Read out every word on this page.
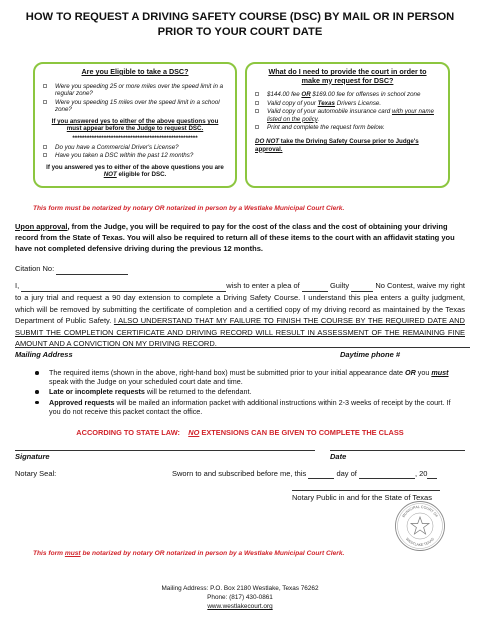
HOW TO REQUEST A DRIVING SAFETY COURSE (DSC) BY MAIL OR IN PERSON
PRIOR TO YOUR COURT DATE
Are you Eligible to take a DSC?
Were you speeding 25 or more miles over the speed limit in a regular zone?
Were you speeding 15 miles over the speed limit in a school zone?
If you answered yes to either of the above questions you must appear before the Judge to request DSC.
****************************************************
Do you have a Commercial Driver's License?
Have you taken a DSC within the past 12 months?
If you answered yes to either of the above questions you are NOT eligible for DSC.
What do I need to provide the court in order to
make my request for DSC?
$144.00 fee OR $169.00 fee for offenses in school zone
Valid copy of your Texas Drivers License.
Valid copy of your automobile insurance card with your name listed on the policy.
Print and complete the request form below.
DO NOT take the Driving Safety Course prior to Judge's approval.
This form must be notarized by notary OR notarized in person by a Westlake Municipal Court Clerk.
Upon approval, from the Judge, you will be required to pay for the cost of the class and the cost of obtaining your driving record from the State of Texas. You will also be required to return all of these items to the court with an affidavit stating you have not completed defensive driving during the previous 12 months.
Citation No:
I,	wish to enter a plea of	Guilty	No Contest, waive my right to a jury trial and request a 90 day extension to complete a Driving Safety Course. I understand this plea enters a guilty judgment, which will be removed by submitting the certificate of completion and a certified copy of my driving record as maintained by the Texas Department of Public Safety. I ALSO UNDERSTAND THAT MY FAILURE TO FINISH THE COURSE BY THE REQUIRED DATE AND SUBMIT THE COMPLETION CERTIFICATE AND DRIVING RECORD WILL RESULT IN ASSESSMENT OF THE REMAINING FINE AMOUNT AND A CONVICTION ON MY DRIVING RECORD.
Mailing Address	Daytime phone #
The required items (shown in the above, right-hand box) must be submitted prior to your initial appearance date OR you must speak with the Judge on your scheduled court date and time.
Late or incomplete requests will be returned to the defendant.
Approved requests will be mailed an information packet with additional instructions within 2-3 weeks of receipt by the court. If you do not receive this packet contact the office.
ACCORDING TO STATE LAW: NO EXTENSIONS CAN BE GIVEN TO COMPLETE THE CLASS
Signature	Date
Notary Seal:	Sworn to and subscribed before me, this	day of	, 20
Notary Public in and for the State of Texas
MUNICIPAL COURT OF
WESTLAKE TEXAS
This form must be notarized by notary OR notarized in person by a Westlake Municipal Court Clerk.
Mailing Address: P.O. Box 2180 Westlake, Texas 76262
Phone: (817) 430-0861
www.westlakecourt.org
